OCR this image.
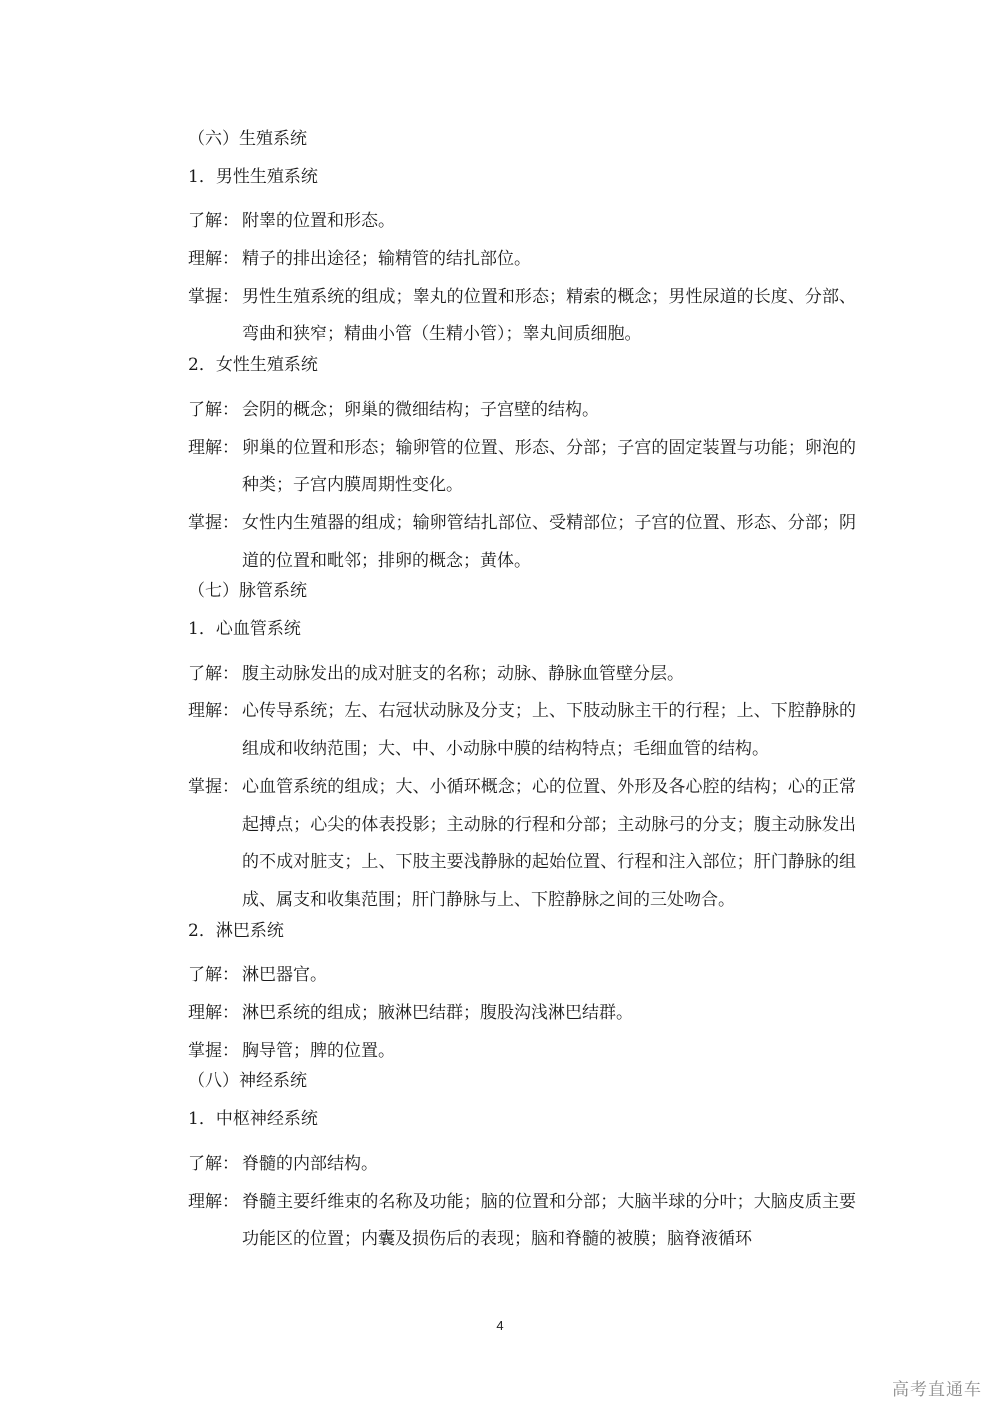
（六）生殖系统
1．男性生殖系统
了解： 附睾的位置和形态。
理解： 精子的排出途径；输精管的结扎部位。
掌握： 男性生殖系统的组成；睾丸的位置和形态；精索的概念；男性尿道的长度、分部、弯曲和狭窄；精曲小管（生精小管）；睾丸间质细胞。
2．女性生殖系统
了解： 会阴的概念；卵巢的微细结构；子宫壁的结构。
理解： 卵巢的位置和形态；输卵管的位置、形态、分部；子宫的固定装置与功能；卵泡的种类；子宫内膜周期性变化。
掌握： 女性内生殖器的组成；输卵管结扎部位、受精部位；子宫的位置、形态、分部；阴道的位置和毗邻；排卵的概念；黄体。
（七）脉管系统
1．心血管系统
了解： 腹主动脉发出的成对脏支的名称；动脉、静脉血管壁分层。
理解： 心传导系统；左、右冠状动脉及分支；上、下肢动脉主干的行程；上、下腔静脉的组成和收纳范围；大、中、小动脉中膜的结构特点；毛细血管的结构。
掌握： 心血管系统的组成；大、小循环概念；心的位置、外形及各心腔的结构；心的正常起搏点；心尖的体表投影；主动脉的行程和分部；主动脉弓的分支；腹主动脉发出的不成对脏支；上、下肢主要浅静脉的起始位置、行程和注入部位；肝门静脉的组成、属支和收集范围；肝门静脉与上、下腔静脉之间的三处吻合。
2．淋巴系统
了解： 淋巴器官。
理解： 淋巴系统的组成；腋淋巴结群；腹股沟浅淋巴结群。
掌握： 胸导管；脾的位置。
（八）神经系统
1．中枢神经系统
了解： 脊髓的内部结构。
理解： 脊髓主要纤维束的名称及功能；脑的位置和分部；大脑半球的分叶；大脑皮质主要功能区的位置；内囊及损伤后的表现；脑和脊髓的被膜；脑脊液循环
4
高考直通车
